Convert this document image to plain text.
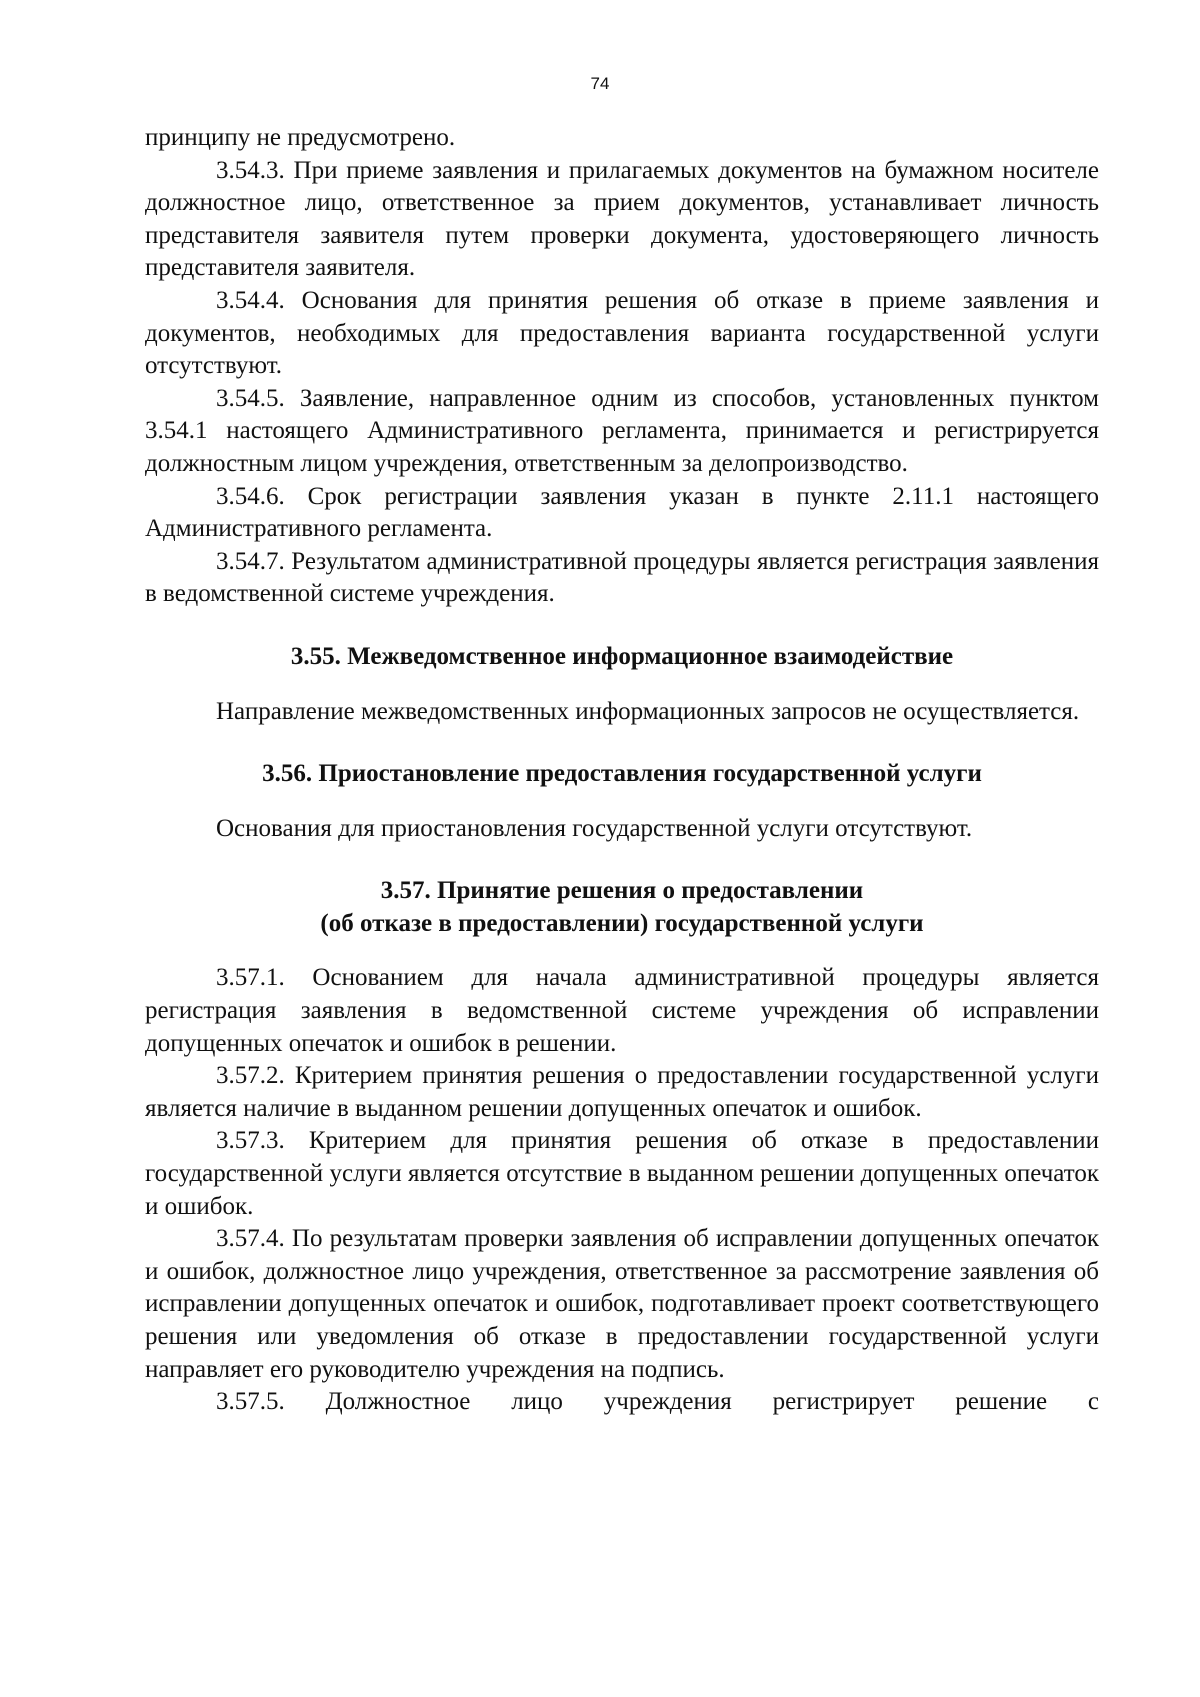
74

принципу не предусмотрено.

3.54.3. При приеме заявления и прилагаемых документов на бумажном носителе должностное лицо, ответственное за прием документов, устанавливает личность представителя заявителя путем проверки документа, удостоверяющего личность представителя заявителя.

3.54.4. Основания для принятия решения об отказе в приеме заявления и документов, необходимых для предоставления варианта государственной услуги отсутствуют.

3.54.5. Заявление, направленное одним из способов, установленных пунктом 3.54.1 настоящего Административного регламента, принимается и регистрируется должностным лицом учреждения, ответственным за делопроизводство.

3.54.6. Срок регистрации заявления указан в пункте 2.11.1 настоящего Административного регламента.

3.54.7. Результатом административной процедуры является регистрация заявления в ведомственной системе учреждения.

3.55. Межведомственное информационное взаимодействие

Направление межведомственных информационных запросов не осуществляется.

3.56. Приостановление предоставления государственной услуги

Основания для приостановления государственной услуги отсутствуют.

3.57. Принятие решения о предоставлении
(об отказе в предоставлении) государственной услуги

3.57.1. Основанием для начала административной процедуры является регистрация заявления в ведомственной системе учреждения об исправлении допущенных опечаток и ошибок в решении.

3.57.2. Критерием принятия решения о предоставлении государственной услуги является наличие в выданном решении допущенных опечаток и ошибок.

3.57.3. Критерием для принятия решения об отказе в предоставлении государственной услуги является отсутствие в выданном решении допущенных опечаток и ошибок.

3.57.4. По результатам проверки заявления об исправлении допущенных опечаток и ошибок, должностное лицо учреждения, ответственное за рассмотрение заявления об исправлении допущенных опечаток и ошибок, подготавливает проект соответствующего решения или уведомления об отказе в предоставлении государственной услуги направляет его руководителю учреждения на подпись.

3.57.5. Должностное лицо учреждения регистрирует решение с
